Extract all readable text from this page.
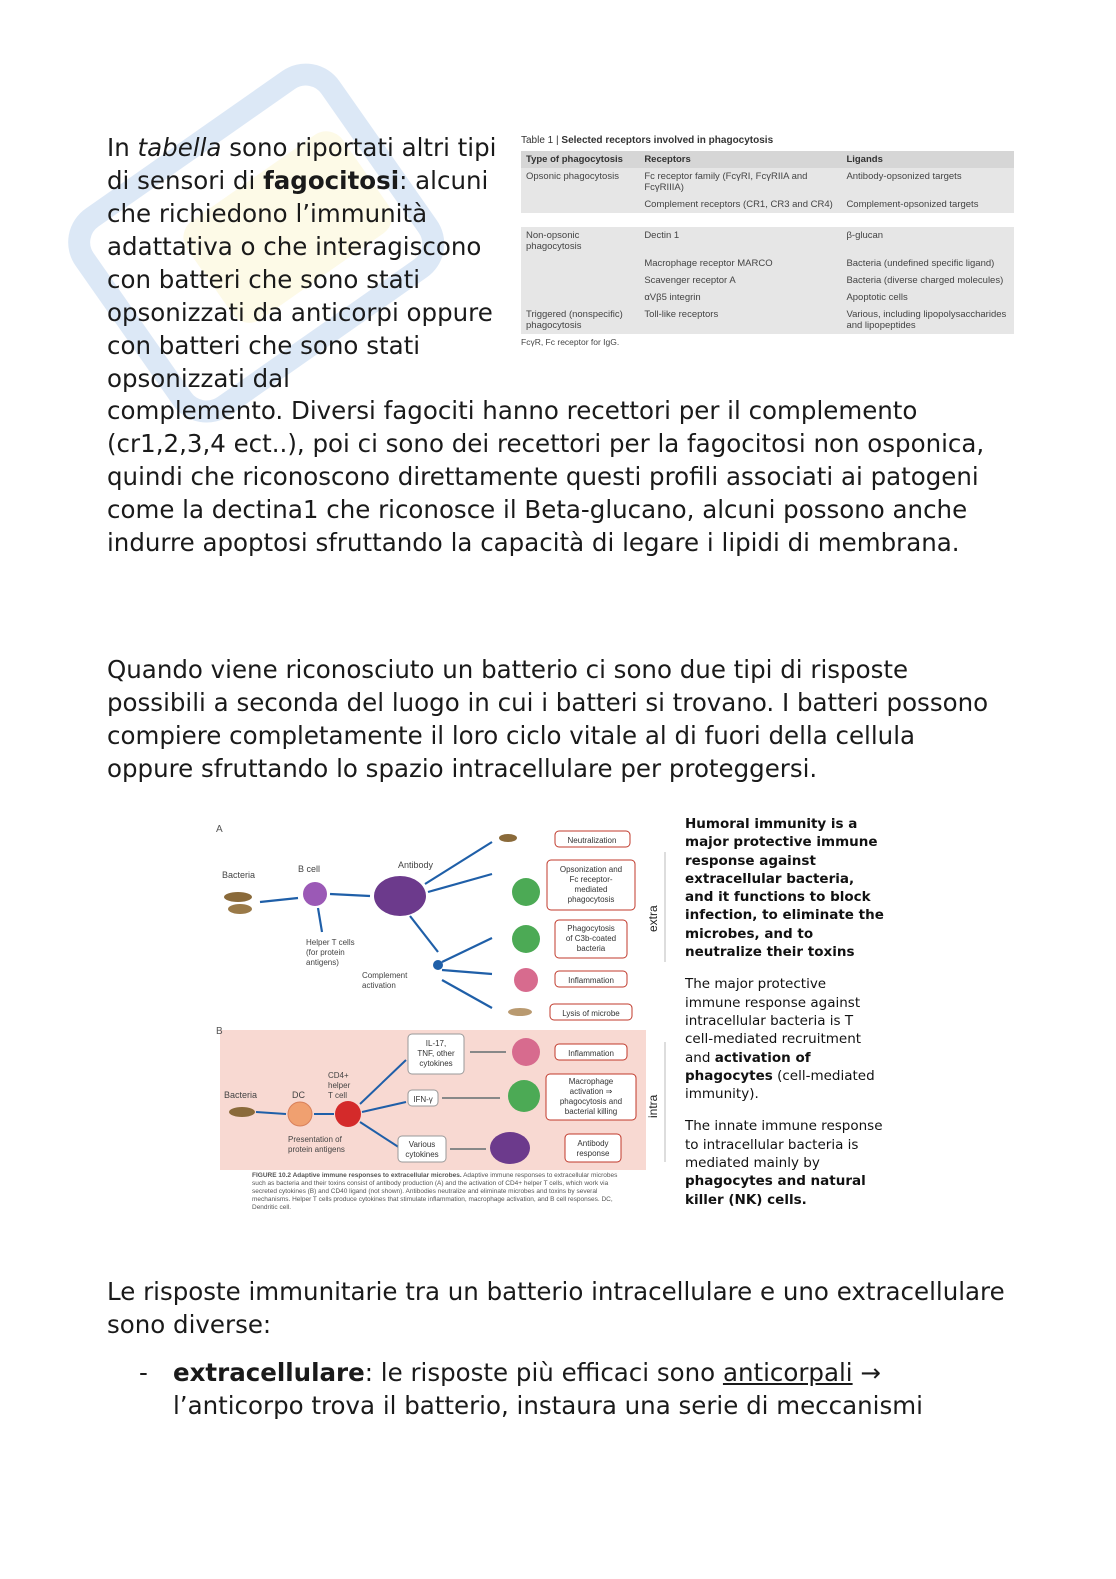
In tabella sono riportati altri tipi di sensori di fagocitosi: alcuni che richiedono l’immunità adattativa o che interagiscono con batteri che sono stati opsonizzati da anticorpi oppure con batteri che sono stati opsonizzati dal
complemento. Diversi fagociti hanno recettori per il complemento (cr1,2,3,4 ect..), poi ci sono dei recettori per la fagocitosi non osponica, quindi che riconoscono direttamente questi profili associati ai patogeni come la dectina1 che riconosce il Beta-glucano, alcuni possono anche indurre apoptosi sfruttando la capacità di legare i lipidi di membrana.
Table 1 | Selected receptors involved in phagocytosis
Type of phagocytosis	Receptors	Ligands
Opsonic phagocytosis	Fc receptor family (FcγRI, FcγRIIA and FcγRIIIA)	Antibody-opsonized targets
	Complement receptors (CR1, CR3 and CR4)	Complement-opsonized targets

Non-opsonic phagocytosis	Dectin 1	β-glucan
	Macrophage receptor MARCO	Bacteria (undefined specific ligand)
	Scavenger receptor A	Bacteria (diverse charged molecules)
	αVβ5 integrin	Apoptotic cells
Triggered (nonspecific) phagocytosis	Toll-like receptors	Various, including lipopolysaccharides and lipopeptides
FcγR, Fc receptor for IgG.
Quando viene riconosciuto un batterio ci sono due tipi di risposte possibili a seconda del luogo in cui i batteri si trovano. I batteri possono compiere completamente il loro ciclo vitale al di fuori della cellula oppure sfruttando lo spazio intracellulare per proteggersi.
A
Bacteria
B cell	Antibody
Helper T cells
(for protein
antigens)
Complement
activation
Neutralization
Opsonization and
Fc receptor-
mediated
phagocytosis
Phagocytosis
of C3b-coated
bacteria
Inflammation
Lysis of microbe
extra
B
Bacteria	DC
CD4+
helper
T cell
Presentation of
protein antigens
IL-17,
TNF, other
cytokines
IFN-γ
Various
cytokines
Inflammation
Macrophage
activation ⇒
phagocytosis and
bacterial killing
Antibody
response
intra
FIGURE 10.2 Adaptive immune responses to extracellular microbes. Adaptive immune responses to extracellular microbes such as bacteria and their toxins consist of antibody production (A) and the activation of CD4+ helper T cells, which work via secreted cytokines (B) and CD40 ligand (not shown). Antibodies neutralize and eliminate microbes and toxins by several mechanisms. Helper T cells produce cytokines that stimulate inflammation, macrophage activation, and B cell responses. DC, Dendritic cell.

Humoral immunity is a major protective immune response against extracellular bacteria, and it functions to block infection, to eliminate the microbes, and to neutralize their toxins

The major protective immune response against intracellular bacteria is T cell-mediated recruitment and activation of phagocytes (cell-mediated immunity).

The innate immune response to intracellular bacteria is mediated mainly by phagocytes and natural killer (NK) cells.

Le risposte immunitarie tra un batterio intracellulare e uno extracellulare sono diverse:
- extracellulare: le risposte più efficaci sono anticorpali → l’anticorpo trova il batterio, instaura una serie di meccanismi
